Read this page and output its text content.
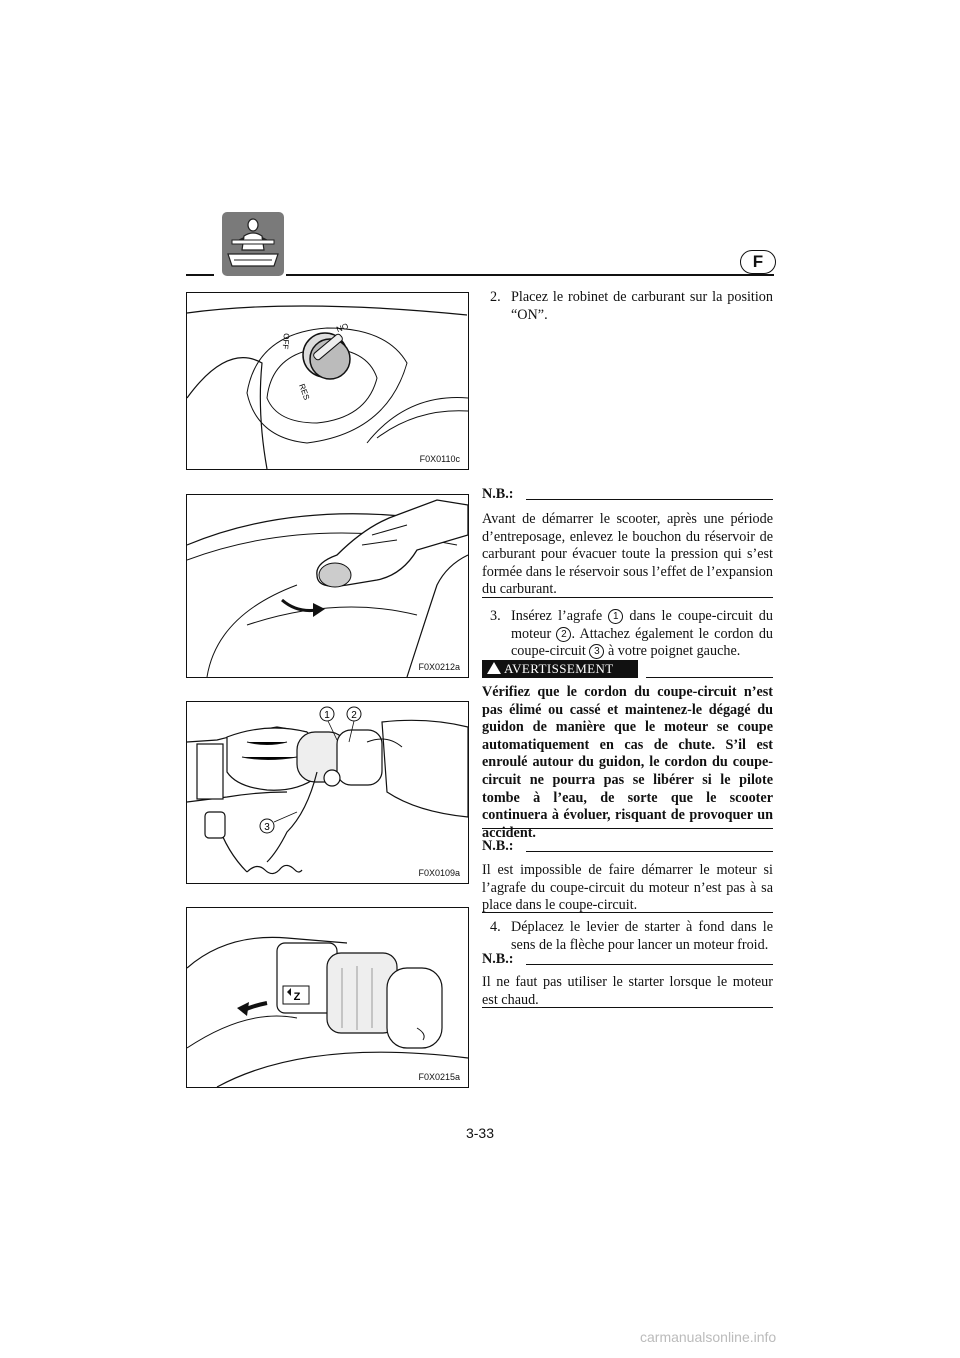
F
ON
OFF
RES
F0X0110c
F0X0212a
1 2
3
F0X0109a
Z
F0X0215a
2. Placez le robinet de carburant sur la position “ON”.
N.B.:
Avant de démarrer le scooter, après une période d’entreposage, enlevez le bouchon du réservoir de carburant pour évacuer toute la pression qui s’est formée dans le réservoir sous l’effet de l’expansion du carburant.
3. Insérez l’agrafe 1 dans le coupe-circuit du moteur 2 . Attachez également le cordon du coupe-circuit 3 à votre poignet gauche.
AVERTISSEMENT
Vérifiez que le cordon du coupe-circuit n’est pas élimé ou cassé et maintenez-le dégagé du guidon de manière que le moteur se coupe automatiquement en cas de chute. S’il est enroulé autour du guidon, le cordon du coupe-circuit ne pourra pas se libérer si le pilote tombe à l’eau, de sorte que le scooter continuera à évoluer, risquant de provoquer un accident.
N.B.:
Il est impossible de faire démarrer le moteur si l’agrafe du coupe-circuit du moteur n’est pas à sa place dans le coupe-circuit.
4. Déplacez le levier de starter à fond dans le sens de la flèche pour lancer un moteur froid.
N.B.:
Il ne faut pas utiliser le starter lorsque le moteur est chaud.
3-33
carmanualsonline.info
